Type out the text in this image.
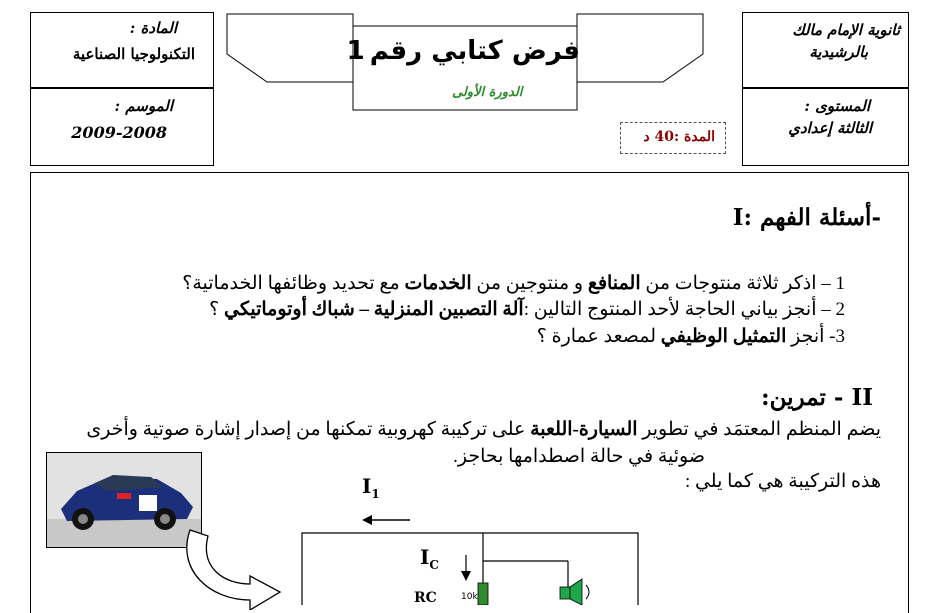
المادة :
التكنولوجيا الصناعية
الموسم :
2009-2008
ثانوية الإمام مالك
بالرشيدية
المستوى :
الثالثة إعدادي
فرض كتابي رقم 1
الدورة الأولى
المدة :40 د
-أسئلة الفهم :I
1 – اذكر ثلاثة منتوجات من المنافع و منتوجين من الخدمات مع تحديد وظائفها الخدماتية؟
2 – أنجز بياني الحاجة لأحد المنتوج التالين :آلة التصبين المنزلية – شباك أوتوماتيكي ؟
3- أنجز التمثيل الوظيفي لمصعد عمارة ؟
II - تمرين:
يضم المنظم المعتمَد في تطوير السيارة-اللعبة على تركيبة كهروبية تمكنها من إصدار إشارة صوتية وأخرى
ضوئية في حالة اصطدامها بحاجز.
هذه التركيبة هي كما يلي :
$I_1$
$I_C$
RC	10k
